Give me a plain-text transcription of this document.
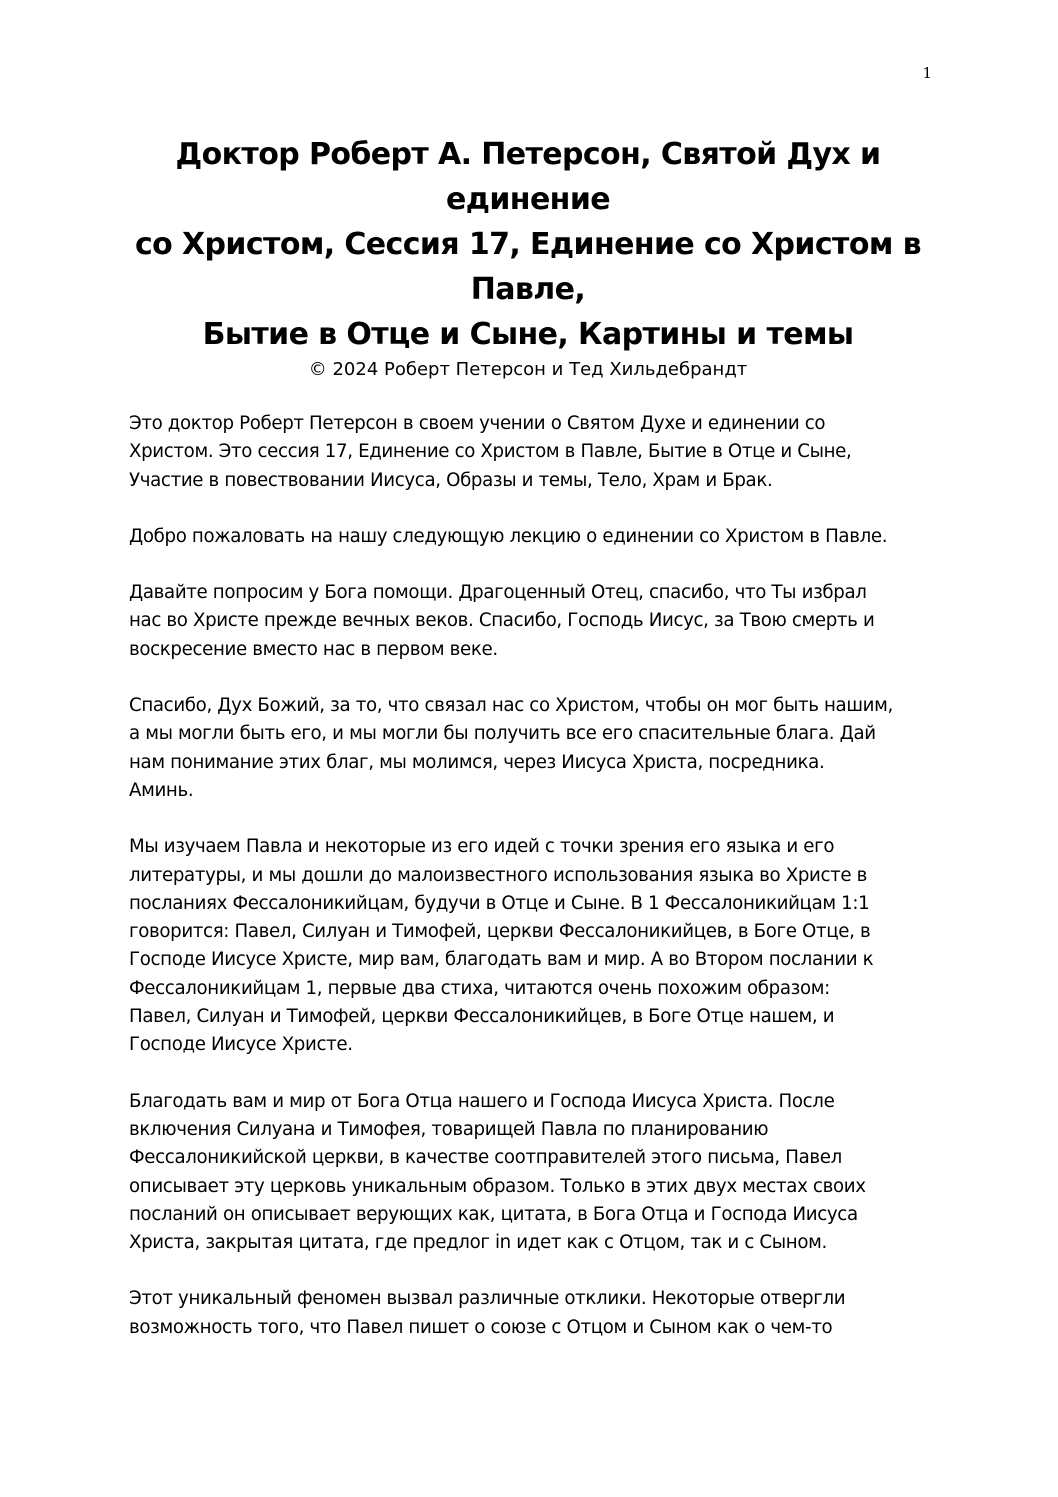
1
Доктор Роберт А. Петерсон, Святой Дух и
единение
со Христом, Сессия 17, Единение со Христом в
Павле,
Бытие в Отце и Сыне, Картины и темы
© 2024 Роберт Петерсон и Тед Хильдебрандт

Это доктор Роберт Петерсон в своем учении о Святом Духе и единении со
Христом. Это сессия 17, Единение со Христом в Павле, Бытие в Отце и Сыне,
Участие в повествовании Иисуса, Образы и темы, Тело, Храм и Брак.

Добро пожаловать на нашу следующую лекцию о единении со Христом в Павле.

Давайте попросим у Бога помощи. Драгоценный Отец, спасибо, что Ты избрал
нас во Христе прежде вечных веков. Спасибо, Господь Иисус, за Твою смерть и
воскресение вместо нас в первом веке.

Спасибо, Дух Божий, за то, что связал нас со Христом, чтобы он мог быть нашим,
а мы могли быть его, и мы могли бы получить все его спасительные блага. Дай
нам понимание этих благ, мы молимся, через Иисуса Христа, посредника.
Аминь.

Мы изучаем Павла и некоторые из его идей с точки зрения его языка и его
литературы, и мы дошли до малоизвестного использования языка во Христе в
посланиях Фессалоникийцам, будучи в Отце и Сыне. В 1 Фессалоникийцам 1:1
говорится: Павел, Силуан и Тимофей, церкви Фессалоникийцев, в Боге Отце, в
Господе Иисусе Христе, мир вам, благодать вам и мир. А во Втором послании к
Фессалоникийцам 1, первые два стиха, читаются очень похожим образом:
Павел, Силуан и Тимофей, церкви Фессалоникийцев, в Боге Отце нашем, и
Господе Иисусе Христе.

Благодать вам и мир от Бога Отца нашего и Господа Иисуса Христа. После
включения Силуана и Тимофея, товарищей Павла по планированию
Фессалоникийской церкви, в качестве соотправителей этого письма, Павел
описывает эту церковь уникальным образом. Только в этих двух местах своих
посланий он описывает верующих как, цитата, в Бога Отца и Господа Иисуса
Христа, закрытая цитата, где предлог in идет как с Отцом, так и с Сыном.

Этот уникальный феномен вызвал различные отклики. Некоторые отвергли
возможность того, что Павел пишет о союзе с Отцом и Сыном как о чем-то
